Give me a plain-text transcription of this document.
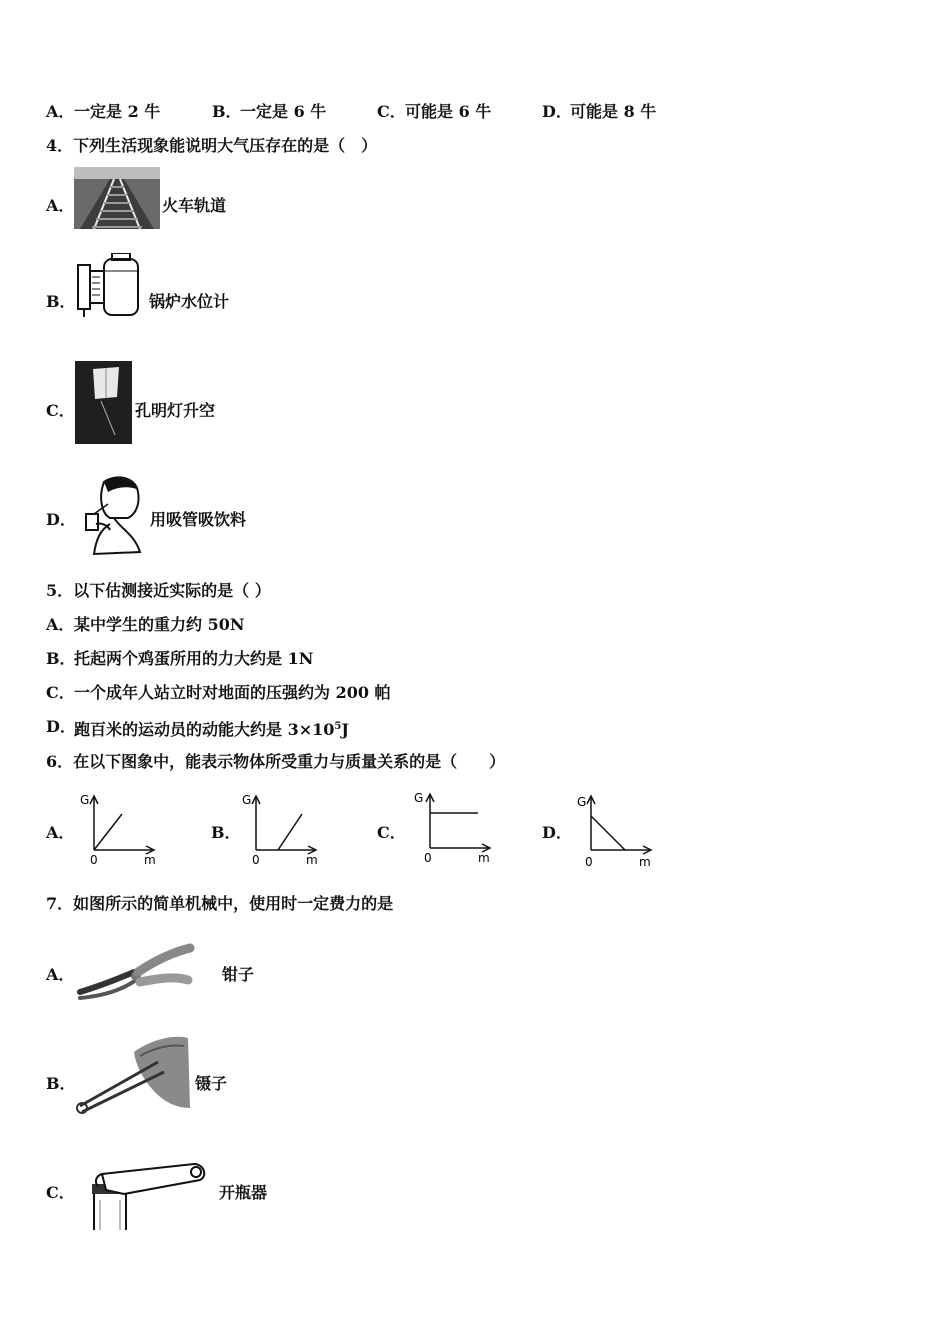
A． 一定是 2 牛	B．
一定是 6 牛	C． 可能是 6 牛	D．
可能是 8 牛
4．下列生活现象能说明大气压存在的是（　）
A．	火车轨道
B．	锅炉水位计
C．	孔明灯升空
D．	用吸管吸饮料
5．以下估测接近实际的是（ ）
A． 某中学生的重力约 50N
B．
托起两个鸡蛋所用的力大约是 1N
C． 一个成年人站立时对地面的压强约为 200 帕
D．
跑百米的运动员的动能大约是 $3\times 10^5J$
6．在以下图象中，能表示物体所受重力与质量关系的是（　　）
A．
G
0	m
B．
G
0	m
C．
G
0	m
D．
G
0	m
7．如图所示的简单机械中，使用时一定费力的是
A．	钳子
B．	镊子
C．	开瓶器
